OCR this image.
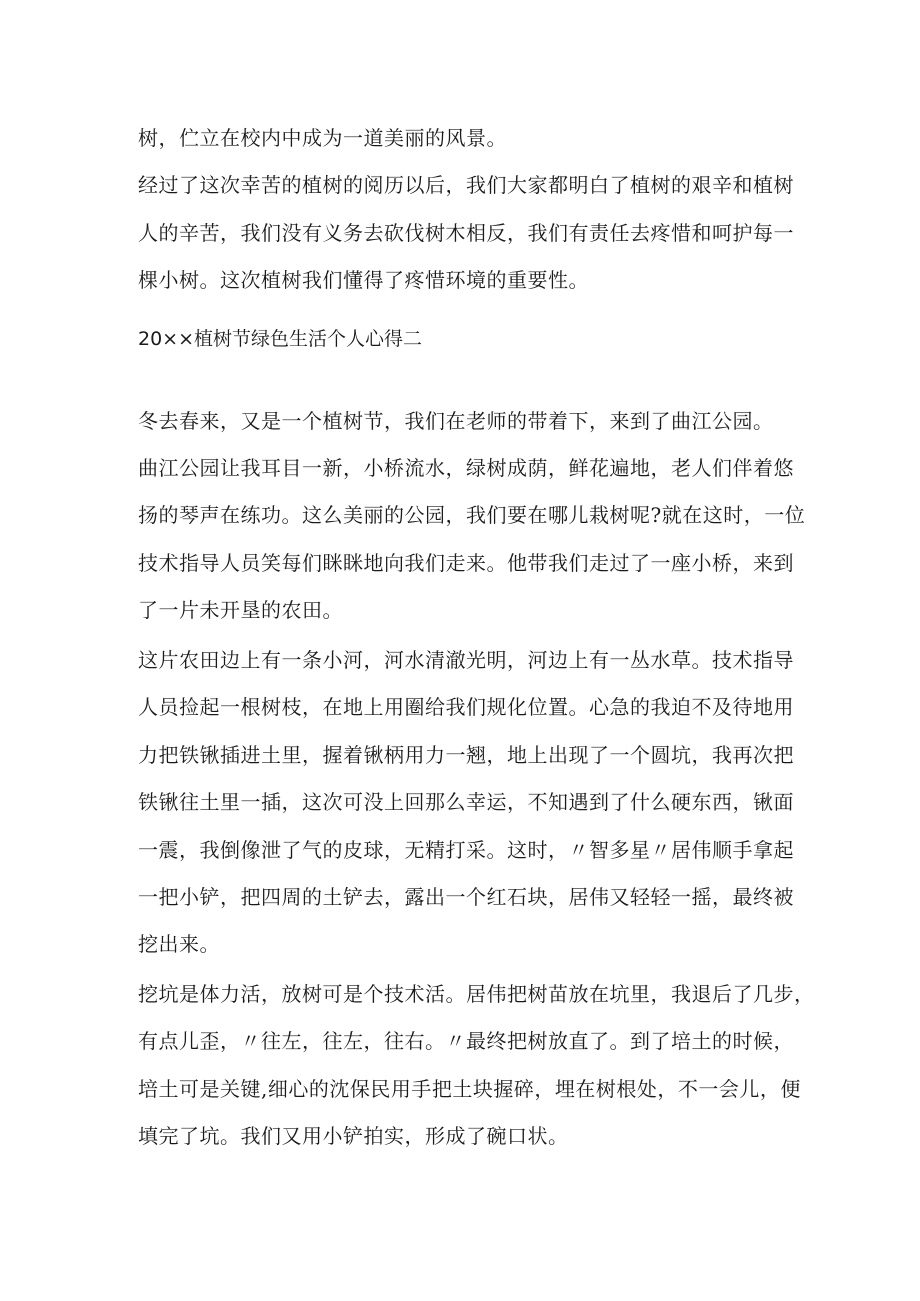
树，伫立在校内中成为一道美丽的风景。
经过了这次幸苦的植树的阅历以后，我们大家都明白了植树的艰辛和植树
人的辛苦，我们没有义务去砍伐树木相反，我们有责任去疼惜和呵护每一
棵小树。这次植树我们懂得了疼惜环境的重要性。
20××植树节绿色生活个人心得二
冬去春来，又是一个植树节，我们在老师的带着下，来到了曲江公园。
曲江公园让我耳目一新，小桥流水，绿树成荫，鲜花遍地，老人们伴着悠
扬的琴声在练功。这么美丽的公园，我们要在哪儿栽树呢?就在这时，一位
技术指导人员笑每们眯眯地向我们走来。他带我们走过了一座小桥，来到
了一片未开垦的农田。
这片农田边上有一条小河，河水清澈光明，河边上有一丛水草。技术指导
人员捡起一根树枝，在地上用圈给我们规化位置。心急的我迫不及待地用
力把铁锹插进土里，握着锹柄用力一翘，地上出现了一个圆坑，我再次把
铁锹往土里一插，这次可没上回那么幸运，不知遇到了什么硬东西，锹面
一震，我倒像泄了气的皮球，无精打采。这时，〃智多星〃居伟顺手拿起
一把小铲，把四周的土铲去，露出一个红石块，居伟又轻轻一摇，最终被
挖出来。
挖坑是体力活，放树可是个技术活。居伟把树苗放在坑里，我退后了几步，
有点儿歪，〃往左，往左，往右。〃最终把树放直了。到了培土的时候，
培土可是关键,细心的沈保民用手把土块握碎，埋在树根处，不一会儿，便
填完了坑。我们又用小铲拍实，形成了碗口状。
